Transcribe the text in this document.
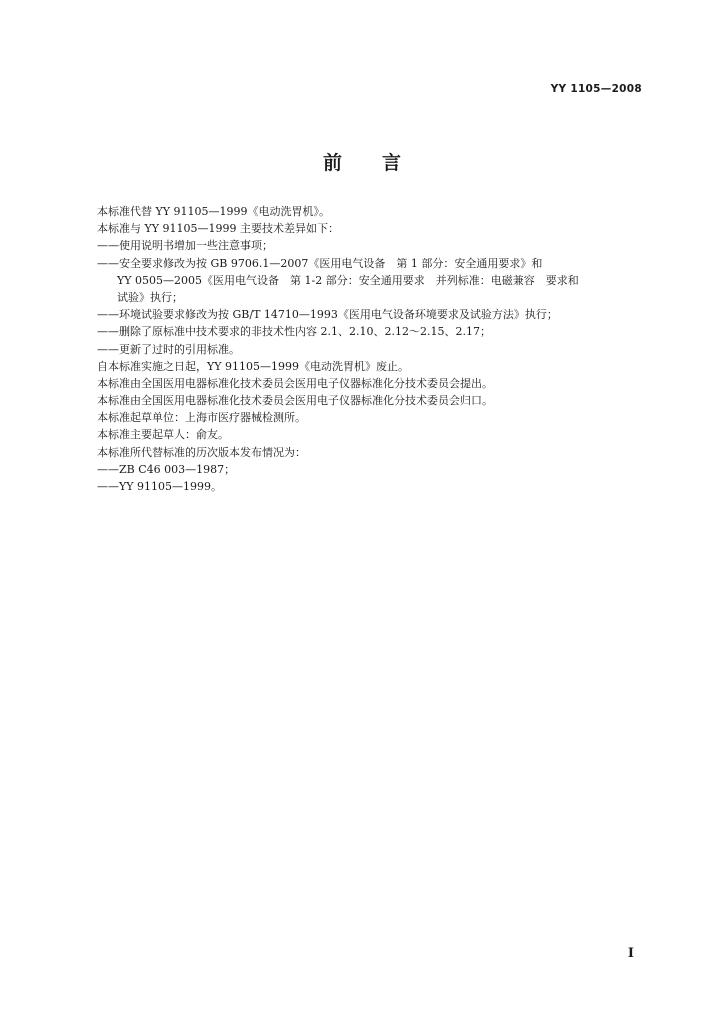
YY 1105—2008
前 言
本标准代替 YY 91105—1999《电动洗胃机》。
本标准与 YY 91105—1999 主要技术差异如下：
——使用说明书增加一些注意事项；
——安全要求修改为按 GB 9706.1—2007《医用电气设备　第 1 部分：安全通用要求》和
YY 0505—2005《医用电气设备　第 1-2 部分：安全通用要求　并列标准：电磁兼容　要求和
试验》执行；
——环境试验要求修改为按 GB/T 14710—1993《医用电气设备环境要求及试验方法》执行；
——删除了原标准中技术要求的非技术性内容 2.1、2.10、2.12～2.15、2.17；
——更新了过时的引用标准。
自本标准实施之日起，YY 91105—1999《电动洗胃机》废止。
本标准由全国医用电器标准化技术委员会医用电子仪器标准化分技术委员会提出。
本标准由全国医用电器标准化技术委员会医用电子仪器标准化分技术委员会归口。
本标准起草单位：上海市医疗器械检测所。
本标准主要起草人：俞友。
本标准所代替标准的历次版本发布情况为：
——ZB C46 003—1987；
——YY 91105—1999。
I
